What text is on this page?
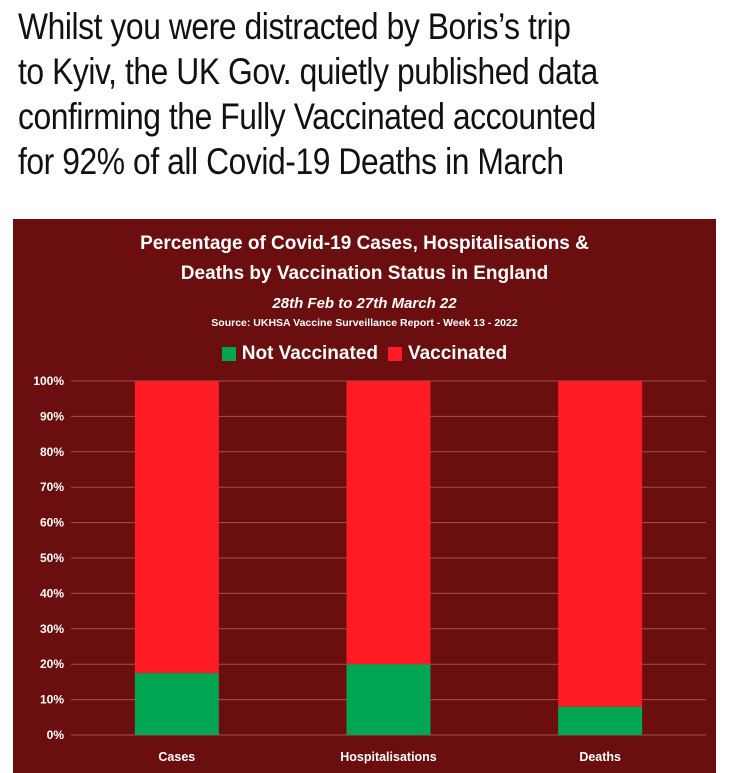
Whilst you were distracted by Boris’s trip
to Kyiv, the UK Gov. quietly published data
confirming the Fully Vaccinated accounted
for 92% of all Covid-19 Deaths in March
Percentage of Covid-19 Cases, Hospitalisations &
Deaths by Vaccination Status in England
28th Feb to 27th March 22
Source: UKHSA Vaccine Surveillance Report - Week 13 - 2022
Not Vaccinated Vaccinated
0%
10%
20%
30%
40%
50%
60%
70%
80%
90%
100%
Cases	Hospitalisations	Deaths
